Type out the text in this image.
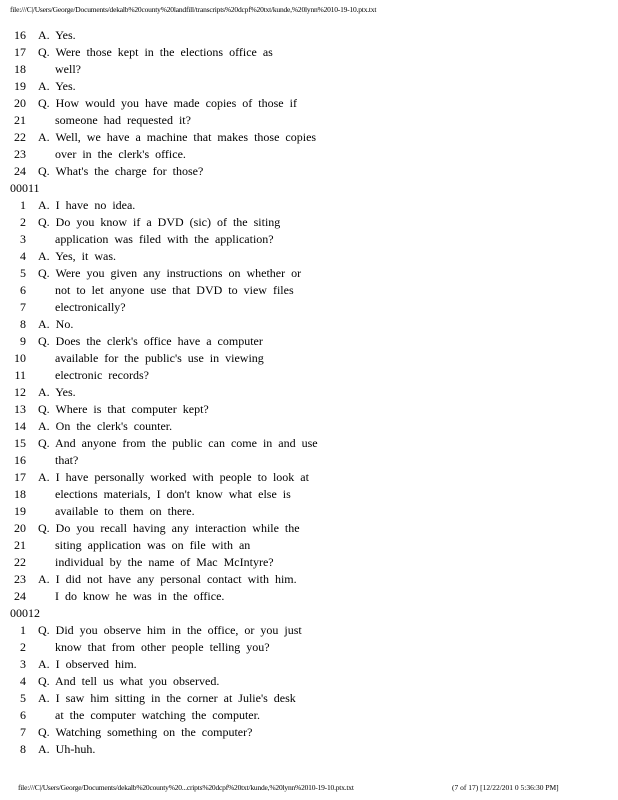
file:///C|/Users/George/Documents/dekalb%20county%20landfill/transcripts%20dcpf%20txt/kunde,%20lynn%2010-19-10.ptx.txt
16 A. Yes.
17 Q. Were those kept in the elections office as
18 well?
19 A. Yes.
20 Q. How would you have made copies of those if
21 someone had requested it?
22 A. Well, we have a machine that makes those copies
23 over in the clerk's office.
24 Q. What's the charge for those?
00011
1 A. I have no idea.
2 Q. Do you know if a DVD (sic) of the siting
3 application was filed with the application?
4 A. Yes, it was.
5 Q. Were you given any instructions on whether or
6 not to let anyone use that DVD to view files
7 electronically?
8 A. No.
9 Q. Does the clerk's office have a computer
10 available for the public's use in viewing
11 electronic records?
12 A. Yes.
13 Q. Where is that computer kept?
14 A. On the clerk's counter.
15 Q. And anyone from the public can come in and use
16 that?
17 A. I have personally worked with people to look at
18 elections materials, I don't know what else is
19 available to them on there.
20 Q. Do you recall having any interaction while the
21 siting application was on file with an
22 individual by the name of Mac McIntyre?
23 A. I did not have any personal contact with him.
24 I do know he was in the office.
00012
1 Q. Did you observe him in the office, or you just
2 know that from other people telling you?
3 A. I observed him.
4 Q. And tell us what you observed.
5 A. I saw him sitting in the corner at Julie's desk
6 at the computer watching the computer.
7 Q. Watching something on the computer?
8 A. Uh-huh.
file:///C|/Users/George/Documents/dekalb%20county%20...cripts%20dcpf%20txt/kunde,%20lynn%2010-19-10.ptx.txt	(7 of 17) [12/22/201 0 5:36:30 PM]
